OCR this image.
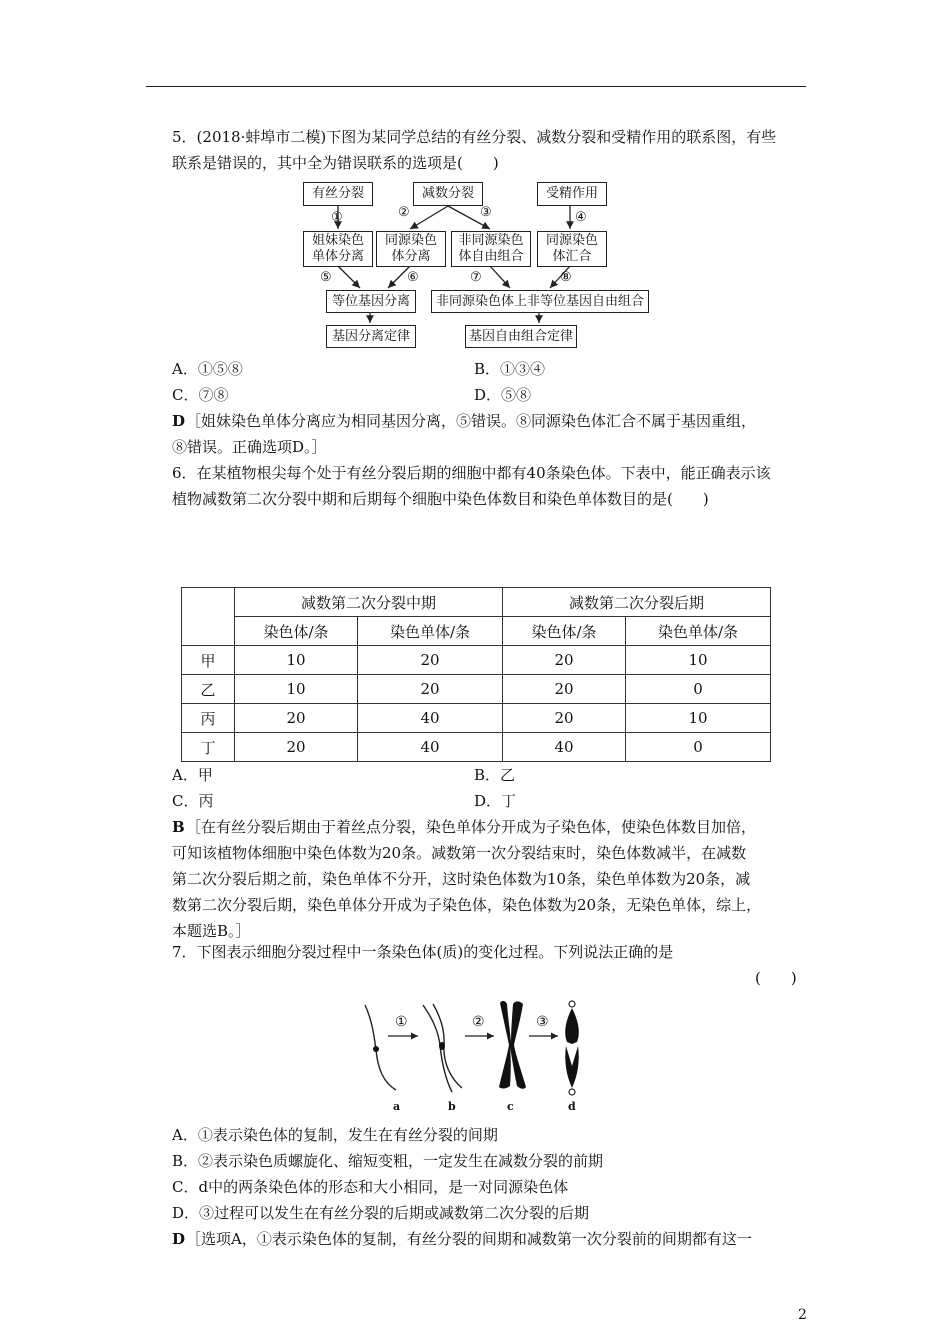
5．(2018·蚌埠市二模)下图为某同学总结的有丝分裂、减数分裂和受精作用的联系图，有些
联系是错误的，其中全为错误联系的选项是(　　)
有丝分裂	减数分裂	受精作用
①	②	③	④
姐妹染色
单体分离
同源染色
体分离
非同源染色
体自由组合
同源染色
体汇合
⑤	⑥	⑦	⑧
等位基因分离 非同源染色体上非等位基因自由组合
基因分离定律	基因自由组合定律
A．①⑤⑧	B．①③④
C．⑦⑧	D．⑤⑧
D ［姐妹染色单体分离应为相同基因分离，⑤错误。⑧同源染色体汇合不属于基因重组，
⑧错误。正确选项D。］
6．在某植物根尖每个处于有丝分裂后期的细胞中都有40条染色体。下表中，能正确表示该
植物减数第二次分裂中期和后期每个细胞中染色体数目和染色单体数目的是(　　)
	减数第二次分裂中期		减数第二次分裂后期	
	染色体/条	染色单体/条	染色体/条	染色单体/条
甲	10	20	20	10
乙	10	20	20	0
丙	20	40	20	10
丁	20	40	40	0
A．甲	B．乙
C．丙	D．丁
B ［在有丝分裂后期由于着丝点分裂，染色单体分开成为子染色体，使染色体数目加倍，
可知该植物体细胞中染色体数为20条。减数第一次分裂结束时，染色体数减半，在减数
第二次分裂后期之前，染色单体不分开，这时染色体数为10条，染色单体数为20条，减
数第二次分裂后期，染色单体分开成为子染色体，染色体数为20条，无染色单体，综上，
本题选B。］
7．下图表示细胞分裂过程中一条染色体(质)的变化过程。下列说法正确的是
(　　)
①	②	③
a	b	c	d
A．①表示染色体的复制，发生在有丝分裂的间期
B．②表示染色质螺旋化、缩短变粗，一定发生在减数分裂的前期
C．d中的两条染色体的形态和大小相同，是一对同源染色体
D．③过程可以发生在有丝分裂的后期或减数第二次分裂的后期
D ［选项A，①表示染色体的复制，有丝分裂的间期和减数第一次分裂前的间期都有这一
2
